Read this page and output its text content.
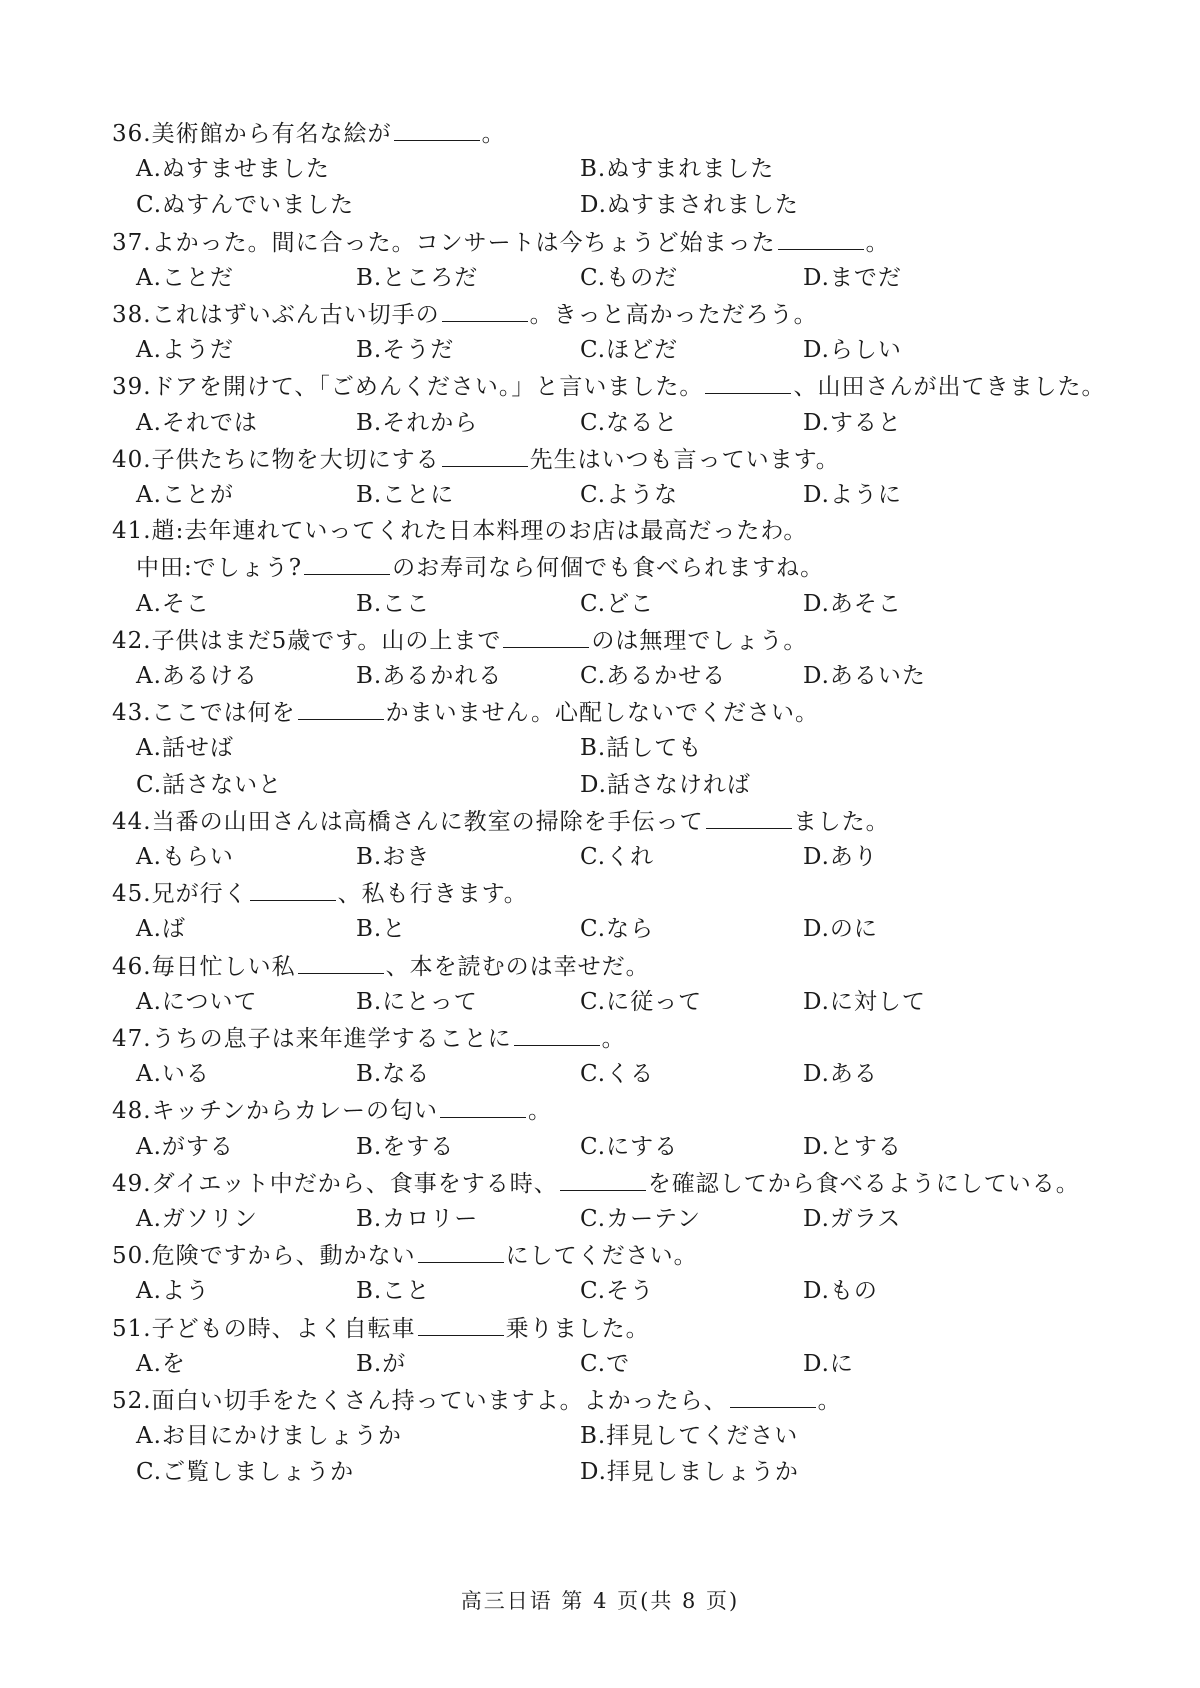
36.美術館から有名な絵が	。
A.ぬすませました	B.ぬすまれました
C.ぬすんでいました	D.ぬすまされました
37.よかった。間に合った。コンサートは今ちょうど始まった	。
A.ことだ	B.ところだ	C.ものだ	D.までだ
38.これはずいぶん古い切手の	。きっと高かっただろう。
A.ようだ	B.そうだ	C.ほどだ	D.らしい
39.ドアを開けて、「ごめんください。」と言いました。	、山田さんが出てきました。
A.それでは	B.それから	C.なると	D.すると
40.子供たちに物を大切にする	先生はいつも言っています。
A.ことが	B.ことに	C.ような	D.ように
41.趙:去年連れていってくれた日本料理のお店は最高だったわ。
中田:でしょう?	のお寿司なら何個でも食べられますね。
A.そこ	B.ここ	C.どこ	D.あそこ
42.子供はまだ5歳です。山の上まで	のは無理でしょう。
A.あるける	B.あるかれる	C.あるかせる	D.あるいた
43.ここでは何を	かまいません。心配しないでください。
A.話せば	B.話しても
C.話さないと	D.話さなければ
44.当番の山田さんは高橋さんに教室の掃除を手伝って	ました。
A.もらい	B.おき	C.くれ	D.あり
45.兄が行く	、私も行きます。
A.ば	B.と	C.なら	D.のに
46.毎日忙しい私	、本を読むのは幸せだ。
A.について	B.にとって	C.に従って	D.に対して
47.うちの息子は来年進学することに	。
A.いる	B.なる	C.くる	D.ある
48.キッチンからカレーの匂い	。
A.がする	B.をする	C.にする	D.とする
49.ダイエット中だから、食事をする時、	を確認してから食べるようにしている。
A.ガソリン	B.カロリー	C.カーテン	D.ガラス
50.危険ですから、動かない	にしてください。
A.よう	B.こと	C.そう	D.もの
51.子どもの時、よく自転車	乗りました。
A.を	B.が	C.で	D.に
52.面白い切手をたくさん持っていますよ。よかったら、	。
A.お目にかけましょうか	B.拝見してください
C.ご覧しましょうか	D.拝見しましょうか
高三日语 第 4 页(共 8 页)
